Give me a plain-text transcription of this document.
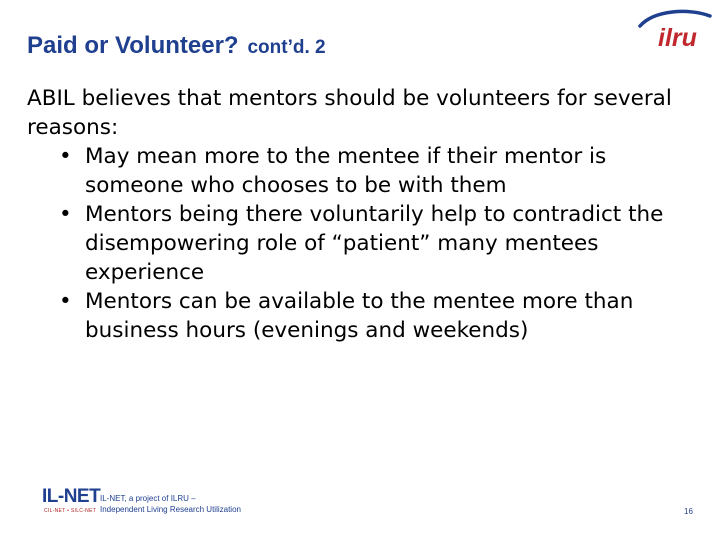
Paid or Volunteer? cont’d. 2	ilru

ABIL believes that mentors should be volunteers for several reasons:

• May mean more to the mentee if their mentor is someone who chooses to be with them
• Mentors being there voluntarily help to contradict the disempowering role of “patient” many mentees experience
• Mentors can be available to the mentee more than business hours (evenings and weekends)
IL-NET
CIL-NET • SILC-NET
IL-NET, a project of ILRU –
Independent Living Research Utilization	16
